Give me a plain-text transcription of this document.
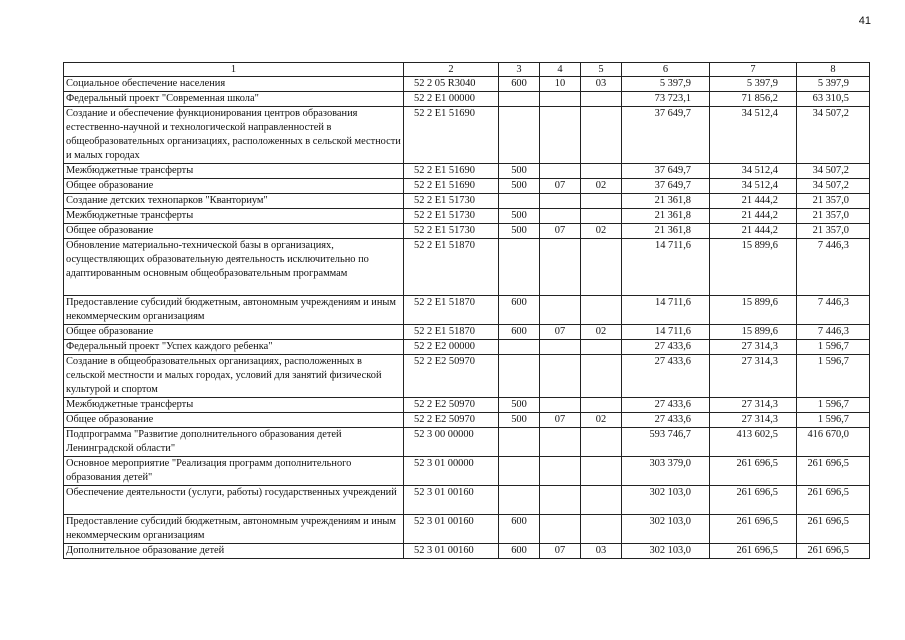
41
1	2	3	4	5	6	7	8
Социальное обеспечение населения	52 2 05 R3040	600	10	03	5 397,9	5 397,9	5 397,9
Федеральный проект "Современная школа"	52 2 E1 00000				73 723,1	71 856,2	63 310,5
Создание и обеспечение функционирования центров образования естественно-научной и технологической направленностей в общеобразовательных организациях, расположенных в сельской местности и малых городах	52 2 E1 51690				37 649,7	34 512,4	34 507,2
Межбюджетные трансферты	52 2 E1 51690	500			37 649,7	34 512,4	34 507,2
Общее образование	52 2 E1 51690	500	07	02	37 649,7	34 512,4	34 507,2
Создание детских технопарков "Кванториум"	52 2 E1 51730				21 361,8	21 444,2	21 357,0
Межбюджетные трансферты	52 2 E1 51730	500			21 361,8	21 444,2	21 357,0
Общее образование	52 2 E1 51730	500	07	02	21 361,8	21 444,2	21 357,0
Обновление материально-технической базы в организациях, осуществляющих образовательную деятельность исключительно по адаптированным основным общеобразовательным программам	52 2 E1 51870				14 711,6	15 899,6	7 446,3
Предоставление субсидий бюджетным, автономным учреждениям и иным некоммерческим организациям	52 2 E1 51870	600			14 711,6	15 899,6	7 446,3
Общее образование	52 2 E1 51870	600	07	02	14 711,6	15 899,6	7 446,3
Федеральный проект "Успех каждого ребенка"	52 2 E2 00000				27 433,6	27 314,3	1 596,7
Создание в общеобразовательных организациях, расположенных в сельской местности и малых городах, условий для занятий физической культурой и спортом	52 2 E2 50970				27 433,6	27 314,3	1 596,7
Межбюджетные трансферты	52 2 E2 50970	500			27 433,6	27 314,3	1 596,7
Общее образование	52 2 E2 50970	500	07	02	27 433,6	27 314,3	1 596,7
Подпрограмма "Развитие дополнительного образования детей Ленинградской области"	52 3 00 00000				593 746,7	413 602,5	416 670,0
Основное мероприятие "Реализация программ дополнительного образования детей"	52 3 01 00000				303 379,0	261 696,5	261 696,5
Обеспечение деятельности (услуги, работы) государственных учреждений	52 3 01 00160				302 103,0	261 696,5	261 696,5
Предоставление субсидий бюджетным, автономным учреждениям и иным некоммерческим организациям	52 3 01 00160	600			302 103,0	261 696,5	261 696,5
Дополнительное образование детей	52 3 01 00160	600	07	03	302 103,0	261 696,5	261 696,5
